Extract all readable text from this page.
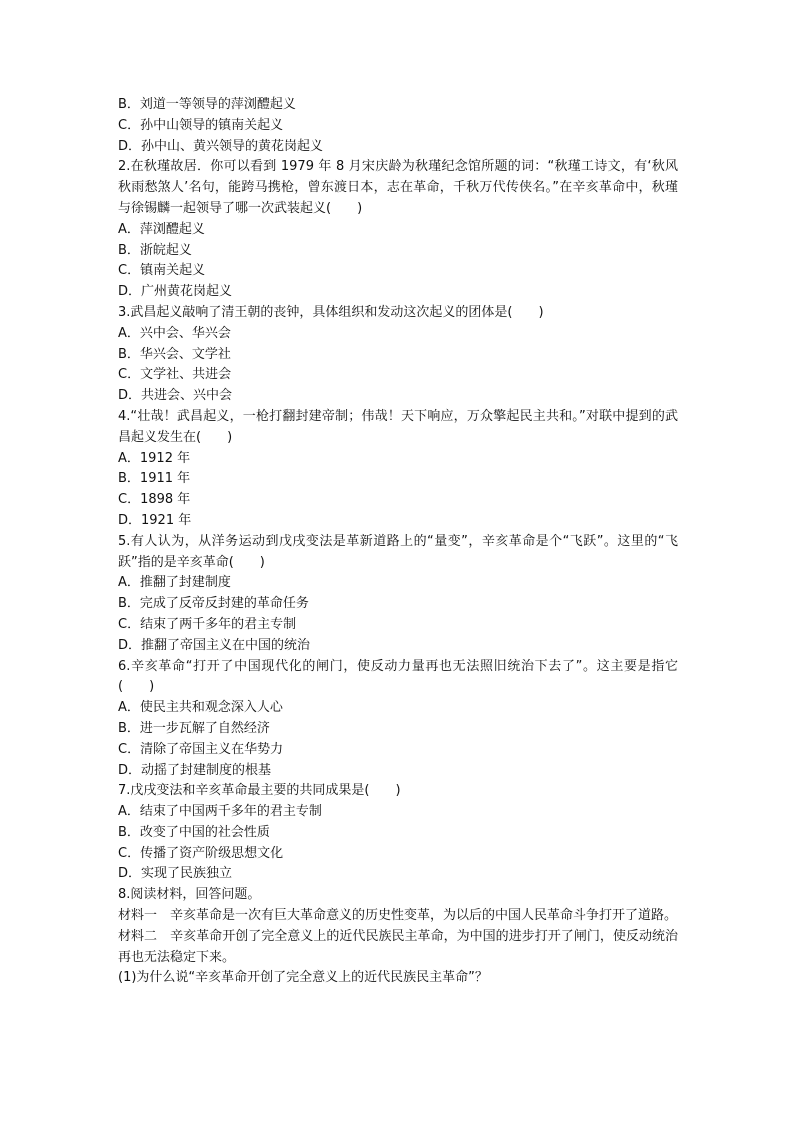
B．刘道一等领导的萍浏醴起义
C．孙中山领导的镇南关起义
D．孙中山、黄兴领导的黄花岗起义
2.在秋瑾故居．你可以看到 1979 年 8 月宋庆龄为秋瑾纪念馆所题的词：“秋瑾工诗文，有‘秋风秋雨愁煞人’名句，能跨马携枪，曾东渡日本，志在革命，千秋万代传侠名。”在辛亥革命中，秋瑾与徐锡麟一起领导了哪一次武装起义(　　)
A．萍浏醴起义
B．浙皖起义
C．镇南关起义
D．广州黄花岗起义
3.武昌起义敲响了清王朝的丧钟，具体组织和发动这次起义的团体是(　　)
A．兴中会、华兴会
B．华兴会、文学社
C．文学社、共进会
D．共进会、兴中会
4.“壮哉！武昌起义，一枪打翻封建帝制；伟哉！天下响应，万众擎起民主共和。”对联中提到的武昌起义发生在(　　)
A．1912 年
B．1911 年
C．1898 年
D．1921 年
5.有人认为，从洋务运动到戊戌变法是革新道路上的“量变”，辛亥革命是个“飞跃”。这里的“飞跃”指的是辛亥革命(　　)
A．推翻了封建制度
B．完成了反帝反封建的革命任务
C．结束了两千多年的君主专制
D．推翻了帝国主义在中国的统治
6.辛亥革命“打开了中国现代化的闸门，使反动力量再也无法照旧统治下去了”。这主要是指它(　　)
A．使民主共和观念深入人心
B．进一步瓦解了自然经济
C．清除了帝国主义在华势力
D．动摇了封建制度的根基
7.戊戌变法和辛亥革命最主要的共同成果是(　　)
A．结束了中国两千多年的君主专制
B．改变了中国的社会性质
C．传播了资产阶级思想文化
D．实现了民族独立
8.阅读材料，回答问题。
材料一　辛亥革命是一次有巨大革命意义的历史性变革，为以后的中国人民革命斗争打开了道路。
材料二　辛亥革命开创了完全意义上的近代民族民主革命，为中国的进步打开了闸门，使反动统治再也无法稳定下来。
(1)为什么说“辛亥革命开创了完全意义上的近代民族民主革命”？
